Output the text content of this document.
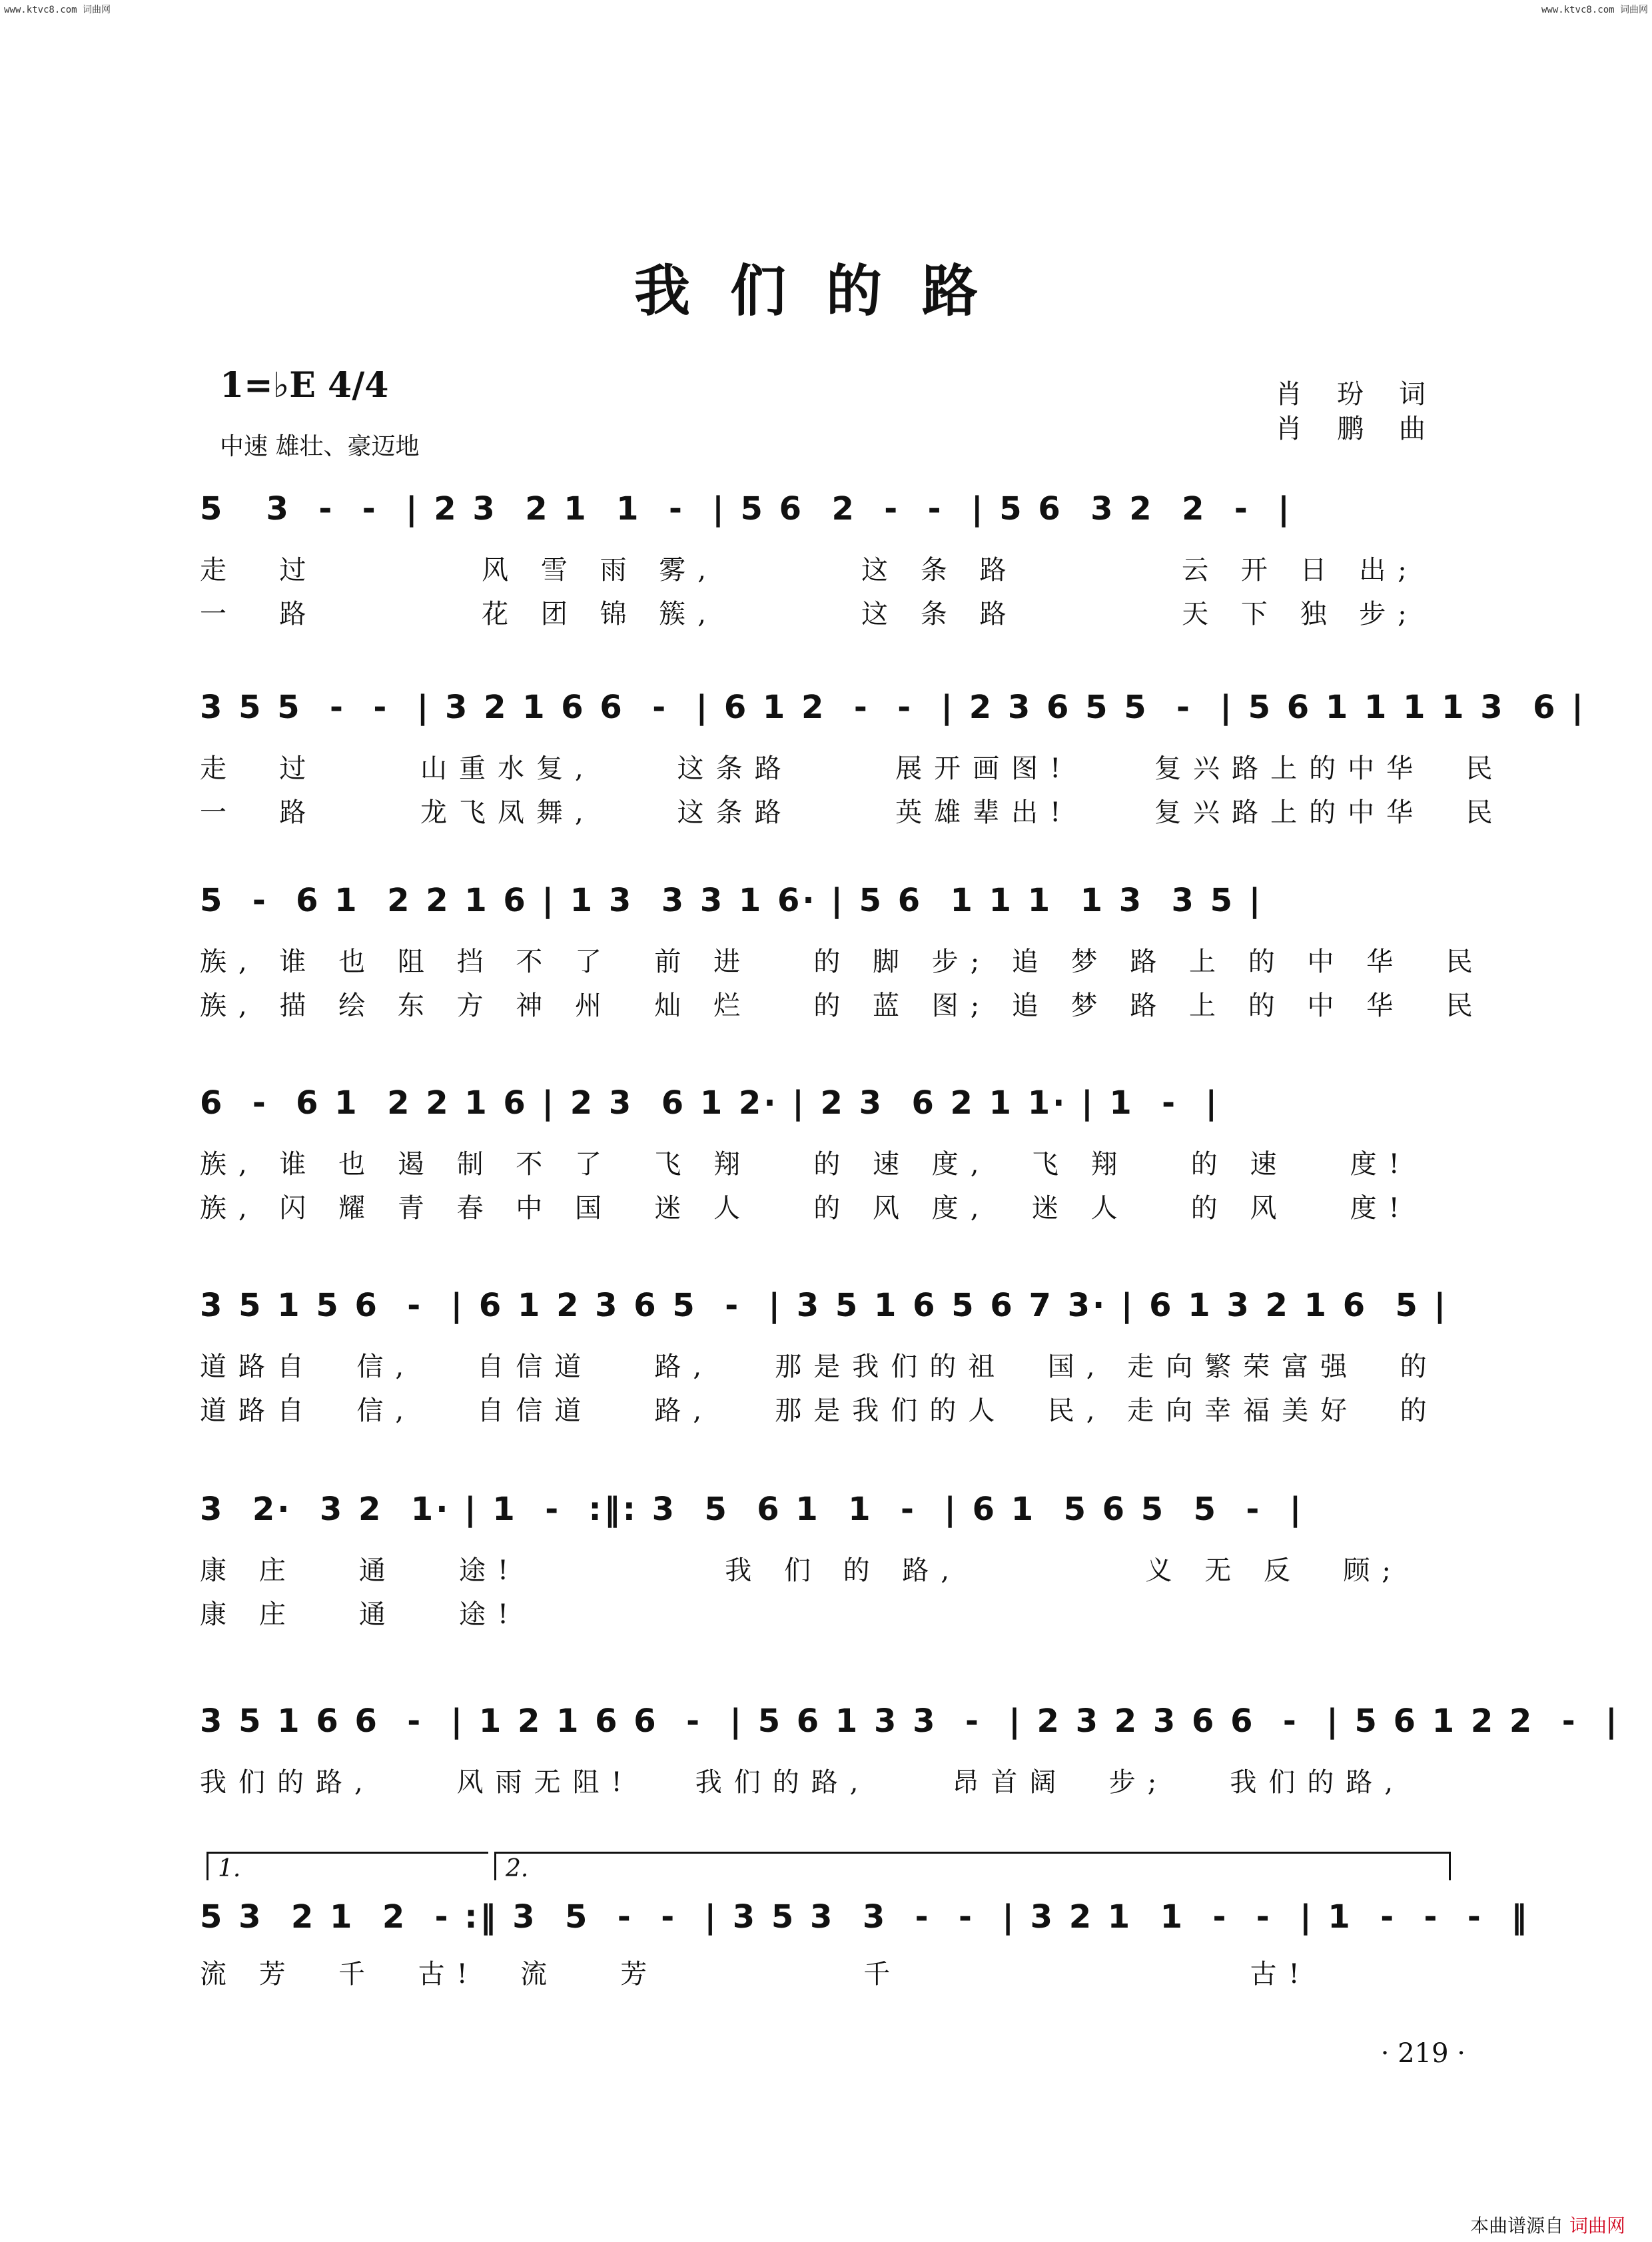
www.ktvc8.com 词曲网	www.ktvc8.com 词曲网
我们的路
1=♭E 4/4
中速 雄壮、豪迈地
肖 玢 词
肖 鹏 曲
5   3  -  -  | 2 3  2 1  1  -  | 5 6  2  -  -  | 5 6  3 2  2  -  |
走  过        风 雪 雨 雾,       这 条 路        云 开 日 出;
一  路        花 团 锦 簇,       这 条 路        天 下 独 步;
3 5 5  -  -  | 3 2 1 6 6  -  | 6 1 2  -  -  | 2 3 6 5 5  -  | 5 6 1 1 1 1 3  6 |
走  过     山重水复,    这条路     展开画图!    复兴路上的中华  民
一  路     龙飞凤舞,    这条路     英雄辈出!    复兴路上的中华  民
5  -  6 1  2 2 1 6 | 1 3  3 3 1 6· | 5 6  1 1 1  1 3  3 5 |
族, 谁 也 阻 挡 不 了  前 进   的 脚 步; 追 梦 路 上 的 中 华  民
族, 描 绘 东 方 神 州  灿 烂   的 蓝 图; 追 梦 路 上 的 中 华  民
6  -  6 1  2 2 1 6 | 2 3  6 1 2· | 2 3  6 2 1 1· | 1  -  |
族, 谁 也 遏 制 不 了  飞 翔   的 速 度,  飞 翔   的 速   度!
族, 闪 耀 青 春 中 国  迷 人   的 风 度,  迷 人   的 风   度!
3 5 1 5 6  -  | 6 1 2 3 6 5  -  | 3 5 1 6 5 6 7 3· | 6 1 3 2 1 6  5 |
道路自  信,   自信道   路,   那是我们的祖  国, 走向繁荣富强  的
道路自  信,   自信道   路,   那是我们的人  民, 走向幸福美好  的
3  2·  3 2  1· | 1  -  :‖: 3  5  6 1  1  -  | 6 1  5 6 5  5  -  |
康 庄   通   途!          我 们 的 路,         义 无 反  顾;
康 庄   通   途!
3 5 1 6 6  -  | 1 2 1 6 6  -  | 5 6 1 3 3  -  | 2 3 2 3 6 6  -  | 5 6 1 2 2  -  |
我们的路,    风雨无阻!   我们的路,    昂首阔  步;   我们的路,
1.	2.
5 3  2 1  2  - :‖ 3  5  -  -  | 3 5 3  3  -  -  | 3 2 1  1  -  -  | 1  -  -  -  ‖
流 芳  千  古!  流   芳          千                 古!
· 219 ·
本曲谱源自 词曲网
